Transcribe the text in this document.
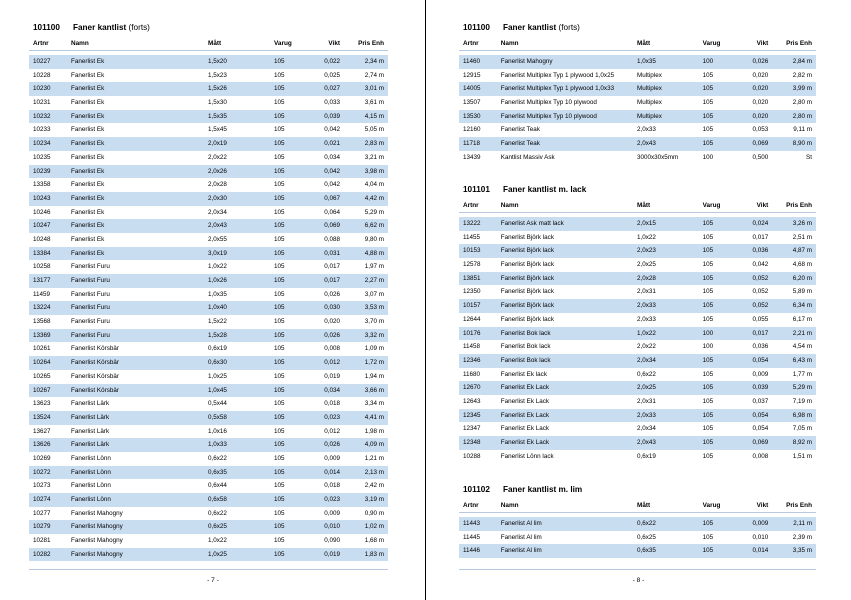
101100 Faner kantlist (forts)
Artnr	Namn	Mått	Varug	Vikt	Pris Enh
10227	Fanerlist Ek	1,5x20	105	0,022	2,34 m
10228	Fanerlist Ek	1,5x23	105	0,025	2,74 m
10230	Fanerlist Ek	1,5x26	105	0,027	3,01 m
10231	Fanerlist Ek	1,5x30	105	0,033	3,61 m
10232	Fanerlist Ek	1,5x35	105	0,039	4,15 m
10233	Fanerlist Ek	1,5x45	105	0,042	5,05 m
10234	Fanerlist Ek	2,0x19	105	0,021	2,83 m
10235	Fanerlist Ek	2,0x22	105	0,034	3,21 m
10239	Fanerlist Ek	2,0x26	105	0,042	3,98 m
13358	Fanerlist Ek	2,0x28	105	0,042	4,04 m
10243	Fanerlist Ek	2,0x30	105	0,067	4,42 m
10246	Fanerlist Ek	2,0x34	105	0,064	5,29 m
10247	Fanerlist Ek	2,0x43	105	0,069	6,62 m
10248	Fanerlist Ek	2,0x55	105	0,088	9,80 m
13384	Fanerlist Ek	3,0x19	105	0,031	4,88 m
10258	Fanerlist Furu	1,0x22	105	0,017	1,97 m
13177	Fanerlist Furu	1,0x26	105	0,017	2,27 m
11459	Fanerlist Furu	1,0x35	105	0,026	3,07 m
13224	Fanerlist Furu	1,0x40	105	0,030	3,53 m
13568	Fanerlist Furu	1,5x22	105	0,020	3,70 m
13369	Fanerlist Furu	1,5x28	105	0,026	3,32 m
10261	Fanerlist Körsbär	0,6x19	105	0,008	1,09 m
10264	Fanerlist Körsbär	0,6x30	105	0,012	1,72 m
10265	Fanerlist Körsbär	1,0x25	105	0,019	1,94 m
10267	Fanerlist Körsbär	1,0x45	105	0,034	3,66 m
13623	Fanerlist Lärk	0,5x44	105	0,018	3,34 m
13524	Fanerlist Lärk	0,5x58	105	0,023	4,41 m
13627	Fanerlist Lärk	1,0x16	105	0,012	1,98 m
13626	Fanerlist Lärk	1,0x33	105	0,026	4,09 m
10269	Fanerlist Lönn	0,6x22	105	0,009	1,21 m
10272	Fanerlist Lönn	0,6x35	105	0,014	2,13 m
10273	Fanerlist Lönn	0,6x44	105	0,018	2,42 m
10274	Fanerlist Lönn	0,6x58	105	0,023	3,19 m
10277	Fanerlist Mahogny	0,6x22	105	0,009	0,90 m
10279	Fanerlist Mahogny	0,6x25	105	0,010	1,02 m
10281	Fanerlist Mahogny	1,0x22	105	0,090	1,68 m
10282	Fanerlist Mahogny	1,0x25	105	0,019	1,83 m
- 7 -
101100 Faner kantlist (forts)
Artnr	Namn	Mått	Varug	Vikt	Pris Enh
11460	Fanerlist Mahogny	1,0x35	100	0,026	2,84 m
12915	Fanerlist Multiplex Typ 1 plywood 1,0x25	Multiplex	105	0,020	2,82 m
14005	Fanerlist Multiplex Typ 1 plywood 1,0x33	Multiplex	105	0,020	3,99 m
13507	Fanerlist Multiplex Typ 10 plywood	Multiplex	105	0,020	2,80 m
13530	Fanerlist Multiplex Typ 10 plywood	Multiplex	105	0,020	2,80 m
12160	Fanerlist Teak	2,0x33	105	0,053	9,11 m
11718	Fanerlist Teak	2,0x43	105	0,069	8,90 m
13439	Kantlist Massiv Ask	3000x30x5mm	100	0,500	St
101101 Faner kantlist m. lack
Artnr	Namn	Mått	Varug	Vikt	Pris Enh
13222	Fanerlist Ask matt lack	2,0x15	105	0,024	3,26 m
11455	Fanerlist Björk lack	1,0x22	105	0,017	2,51 m
10153	Fanerlist Björk lack	2,0x23	105	0,036	4,87 m
12578	Fanerlist Björk lack	2,0x25	105	0,042	4,68 m
13851	Fanerlist Björk lack	2,0x28	105	0,052	6,20 m
12350	Fanerlist Björk lack	2,0x31	105	0,052	5,89 m
10157	Fanerlist Björk lack	2,0x33	105	0,052	6,34 m
12644	Fanerlist Björk lack	2,0x33	105	0,055	6,17 m
10176	Fanerlist Bok lack	1,0x22	100	0,017	2,21 m
11458	Fanerlist Bok lack	2,0x22	100	0,036	4,54 m
12346	Fanerlist Bok lack	2,0x34	105	0,054	6,43 m
11680	Fanerlist Ek lack	0,6x22	105	0,009	1,77 m
12670	Fanerlist Ek Lack	2,0x25	105	0,039	5,29 m
12643	Fanerlist Ek Lack	2,0x31	105	0,037	7,19 m
12345	Fanerlist Ek Lack	2,0x33	105	0,054	6,98 m
12347	Fanerlist Ek Lack	2,0x34	105	0,054	7,05 m
12348	Fanerlist Ek Lack	2,0x43	105	0,069	8,92 m
10288	Fanerlist Lönn lack	0,6x19	105	0,008	1,51 m
101102 Faner kantlist m. lim
Artnr	Namn	Mått	Varug	Vikt	Pris Enh
11443	Fanerlist Al lim	0,6x22	105	0,009	2,11 m
11445	Fanerlist Al lim	0,6x25	105	0,010	2,39 m
11446	Fanerlist Al lim	0,6x35	105	0,014	3,35 m
- 8 -
